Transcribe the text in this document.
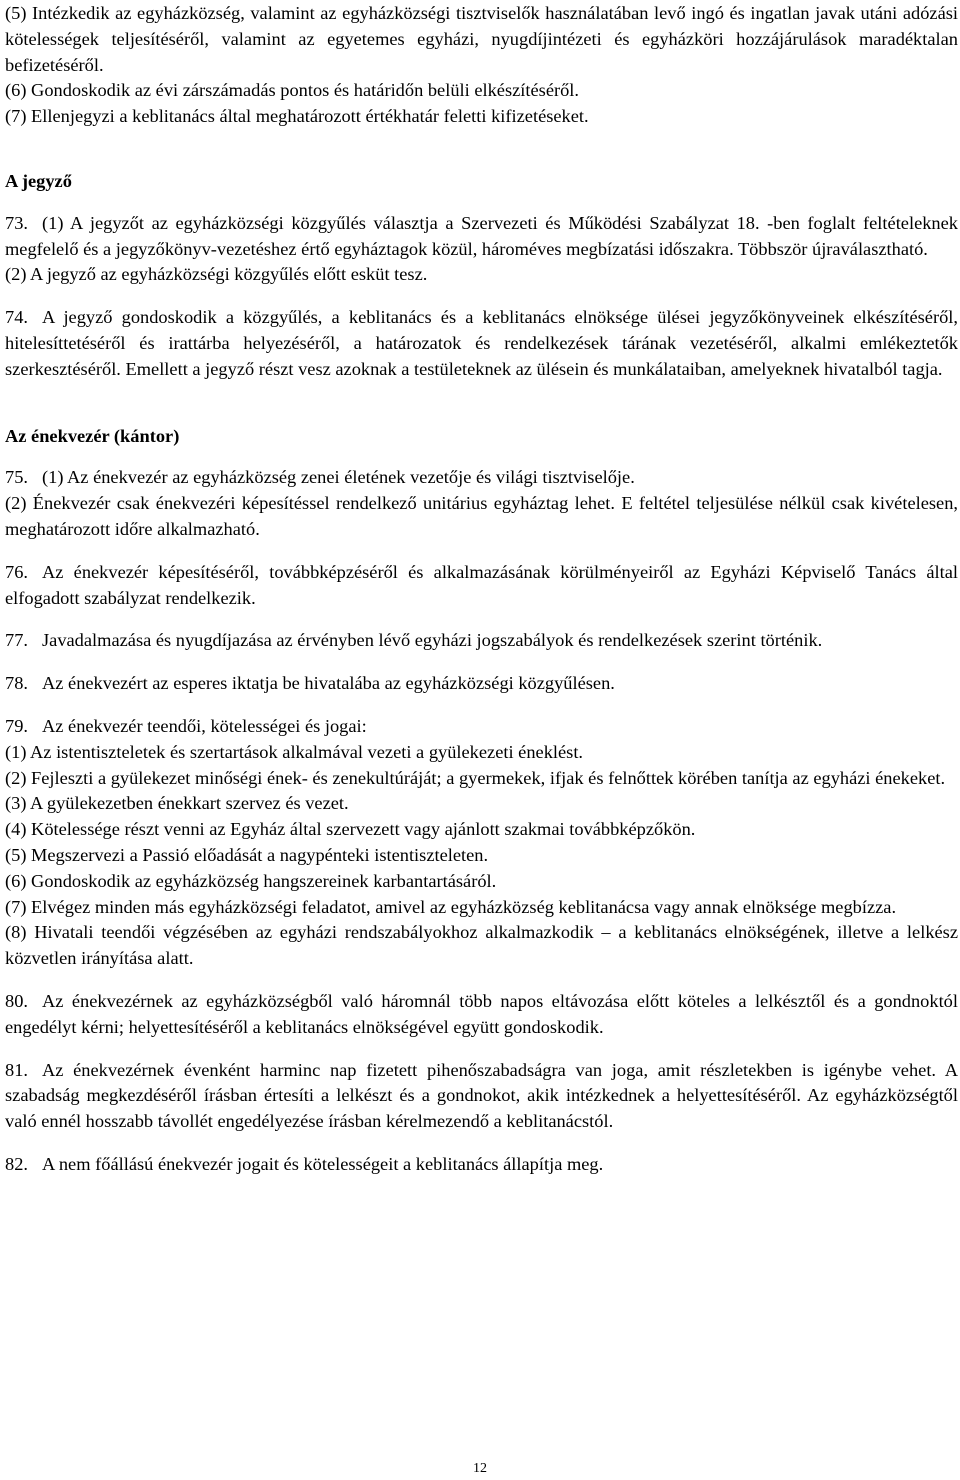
(5) Intézkedik az egyházközség, valamint az egyházközségi tisztviselők használatában levő ingó és ingatlan javak utáni adózási kötelességek teljesítéséről, valamint az egyetemes egyházi, nyugdíjintézeti és egyházköri hozzájárulások maradéktalan befizetéséről.

(6) Gondoskodik az évi zárszámadás pontos és határidőn belüli elkészítéséről.

(7) Ellenjegyzi a keblitanács által meghatározott értékhatár feletti kifizetéseket.

A jegyző

73. (1) A jegyzőt az egyházközségi közgyűlés választja a Szervezeti és Működési Szabályzat 18. -ben foglalt feltételeknek megfelelő és a jegyzőkönyv-vezetéshez értő egyháztagok közül, hároméves megbízatási időszakra. Többször újraválasztható.

(2) A jegyző az egyházközségi közgyűlés előtt esküt tesz.

74. A jegyző gondoskodik a közgyűlés, a keblitanács és a keblitanács elnöksége ülései jegyzőkönyveinek elkészítéséről, hitelesíttetéséről és irattárba helyezéséről, a határozatok és rendelkezések tárának vezetéséről, alkalmi emlékeztetők szerkesztéséről. Emellett a jegyző részt vesz azoknak a testületeknek az ülésein és munkálataiban, amelyeknek hivatalból tagja.

Az énekvezér (kántor)

75. (1) Az énekvezér az egyházközség zenei életének vezetője és világi tisztviselője.

(2) Énekvezér csak énekvezéri képesítéssel rendelkező unitárius egyháztag lehet. E feltétel teljesülése nélkül csak kivételesen, meghatározott időre alkalmazható.

76. Az énekvezér képesítéséről, továbbképzéséről és alkalmazásának körülményeiről az Egyházi Képviselő Tanács által elfogadott szabályzat rendelkezik.

77. Javadalmazása és nyugdíjazása az érvényben lévő egyházi jogszabályok és rendelkezések szerint történik.

78. Az énekvezért az esperes iktatja be hivatalába az egyházközségi közgyűlésen.

79. Az énekvezér teendői, kötelességei és jogai:

(1) Az istentiszteletek és szertartások alkalmával vezeti a gyülekezeti éneklést.

(2) Fejleszti a gyülekezet minőségi ének- és zenekultúráját; a gyermekek, ifjak és felnőttek körében tanítja az egyházi énekeket.

(3) A gyülekezetben énekkart szervez és vezet.

(4) Kötelessége részt venni az Egyház által szervezett vagy ajánlott szakmai továbbképzőkön.

(5) Megszervezi a Passió előadását a nagypénteki istentiszteleten.

(6) Gondoskodik az egyházközség hangszereinek karbantartásáról.

(7) Elvégez minden más egyházközségi feladatot, amivel az egyházközség keblitanácsa vagy annak elnöksége megbízza.

(8) Hivatali teendői végzésében az egyházi rendszabályokhoz alkalmazkodik – a keblitanács elnökségének, illetve a lelkész közvetlen irányítása alatt.

80. Az énekvezérnek az egyházközségből való háromnál több napos eltávozása előtt köteles a lelkésztől és a gondnoktól engedélyt kérni; helyettesítéséről a keblitanács elnökségével együtt gondoskodik.

81. Az énekvezérnek évenként harminc nap fizetett pihenőszabadságra van joga, amit részletekben is igénybe vehet. A szabadság megkezdéséről írásban értesíti a lelkészt és a gondnokot, akik intézkednek a helyettesítéséről. Az egyházközségtől való ennél hosszabb távollét engedélyezése írásban kérelmezendő a keblitanácstól.

82. A nem főállású énekvezér jogait és kötelességeit a keblitanács állapítja meg.

12
